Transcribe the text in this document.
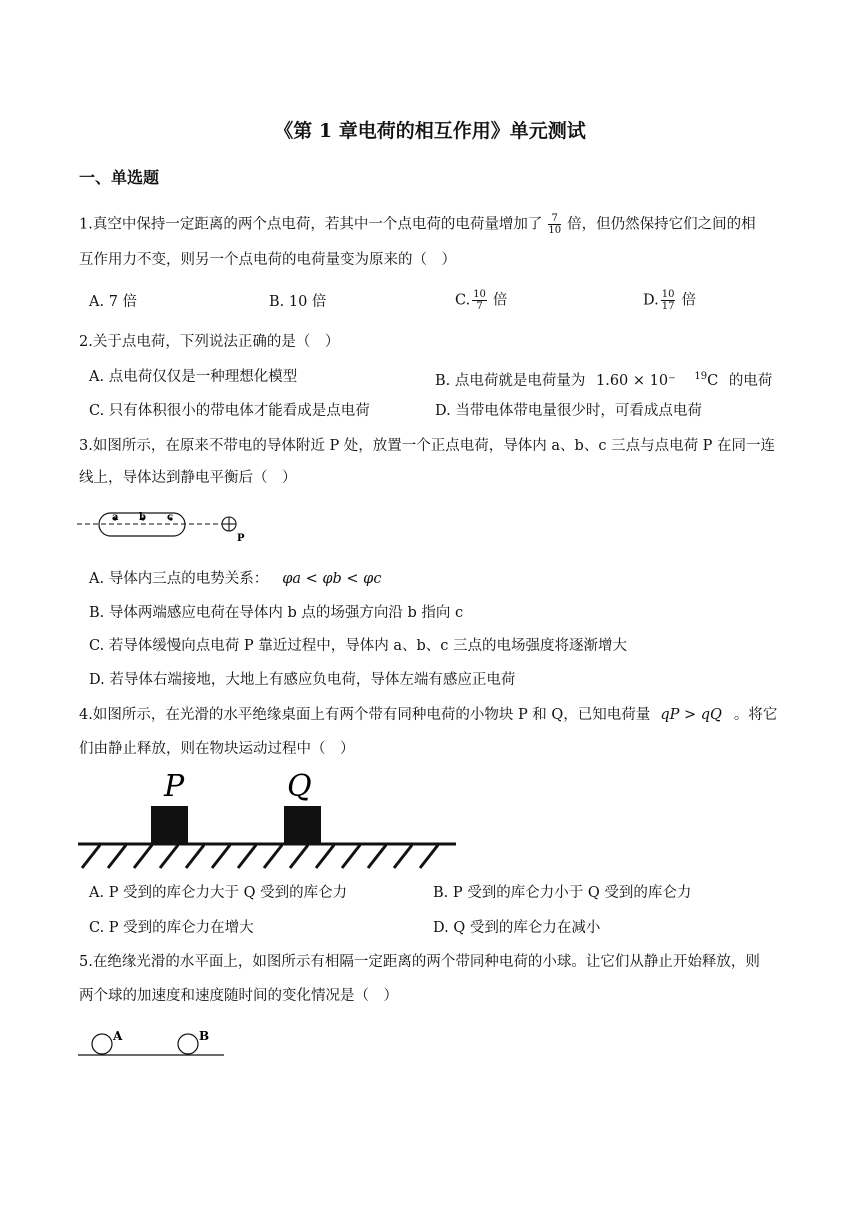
《第 1 章电荷的相互作用》单元测试
一、单选题
1.真空中保持一定距离的两个点电荷，若其中一个点电荷的电荷量增加了 $\frac{7}{10}$ 倍，但仍然保持它们之间的相
互作用力不变，则另一个点电荷的电荷量变为原来的（　）
A. 7 倍	B. 10 倍	C. $\frac{10}{7}$ 倍	D. $\frac{10}{17}$ 倍
2.关于点电荷，下列说法正确的是（　）
A. 点电荷仅仅是一种理想化模型	B. 点电荷就是电荷量为 1.60 × 10⁻ $^{19}$C 的电荷
C. 只有体积很小的带电体才能看成是点电荷	D. 当带电体带电量很少时，可看成点电荷
3.如图所示，在原来不带电的导体附近 P 处，放置一个正点电荷，导体内 a、b、c 三点与点电荷 P 在同一连
线上，导体达到静电平衡后（　）
a b c
P
A. 导体内三点的电势关系： φa < φb < φc
B. 导体两端感应电荷在导体内 b 点的场强方向沿 b 指向 c
C. 若导体缓慢向点电荷 P 靠近过程中，导体内 a、b、c 三点的电场强度将逐渐增大
D. 若导体右端接地，大地上有感应负电荷，导体左端有感应正电荷
4.如图所示，在光滑的水平绝缘桌面上有两个带有同种电荷的小物块 P 和 Q，已知电荷量 qP > qQ 。将它
们由静止释放，则在物块运动过程中（　）
P	Q
A. P 受到的库仑力大于 Q 受到的库仑力	B. P 受到的库仑力小于 Q 受到的库仑力
C. P 受到的库仑力在增大	D. Q 受到的库仑力在减小
5.在绝缘光滑的水平面上，如图所示有相隔一定距离的两个带同种电荷的小球。让它们从静止开始释放，则
两个球的加速度和速度随时间的变化情况是（　）
A	B
